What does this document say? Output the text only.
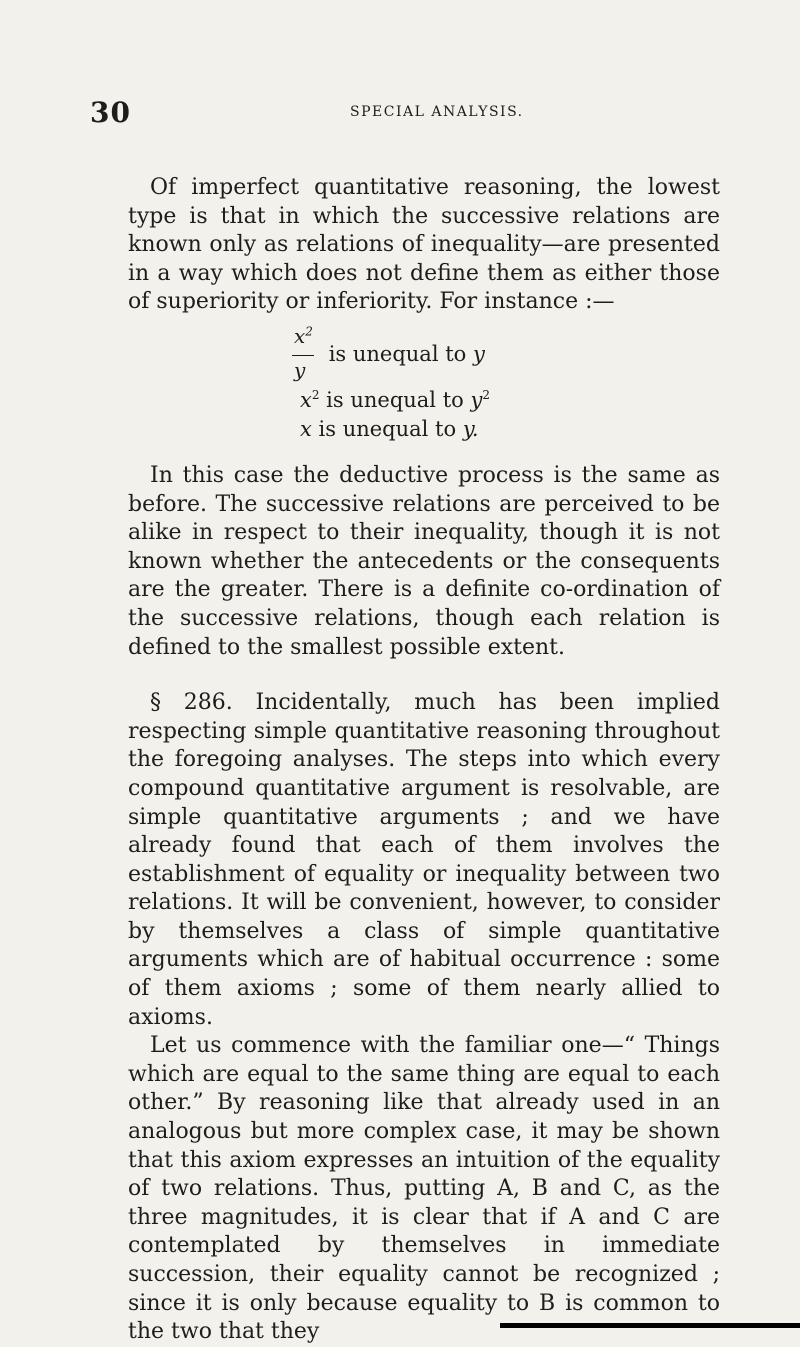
30	SPECIAL ANALYSIS.

Of imperfect quantitative reasoning, the lowest type is that in which the successive relations are known only as relations of inequality—are presented in a way which does not define them as either those of superiority or inferiority. For instance :—

$\frac{x^2}{y}$ is unequal to y
$x^2$ is unequal to $y^2$
x is unequal to y.

In this case the deductive process is the same as before. The successive relations are perceived to be alike in respect to their inequality, though it is not known whether the antecedents or the consequents are the greater. There is a definite co-ordination of the successive relations, though each relation is defined to the smallest possible extent.

§ 286. Incidentally, much has been implied respecting simple quantitative reasoning throughout the foregoing analyses. The steps into which every compound quantitative argument is resolvable, are simple quantitative arguments ; and we have already found that each of them involves the establishment of equality or inequality between two relations. It will be convenient, however, to consider by themselves a class of simple quantitative arguments which are of habitual occurrence : some of them axioms ; some of them nearly allied to axioms.

Let us commence with the familiar one—“ Things which are equal to the same thing are equal to each other.” By reasoning like that already used in an analogous but more complex case, it may be shown that this axiom expresses an intuition of the equality of two relations. Thus, putting A, B and C, as the three magnitudes, it is clear that if A and C are contemplated by themselves in immediate succession, their equality cannot be recognized ; since it is only because equality to B is common to the two that they
